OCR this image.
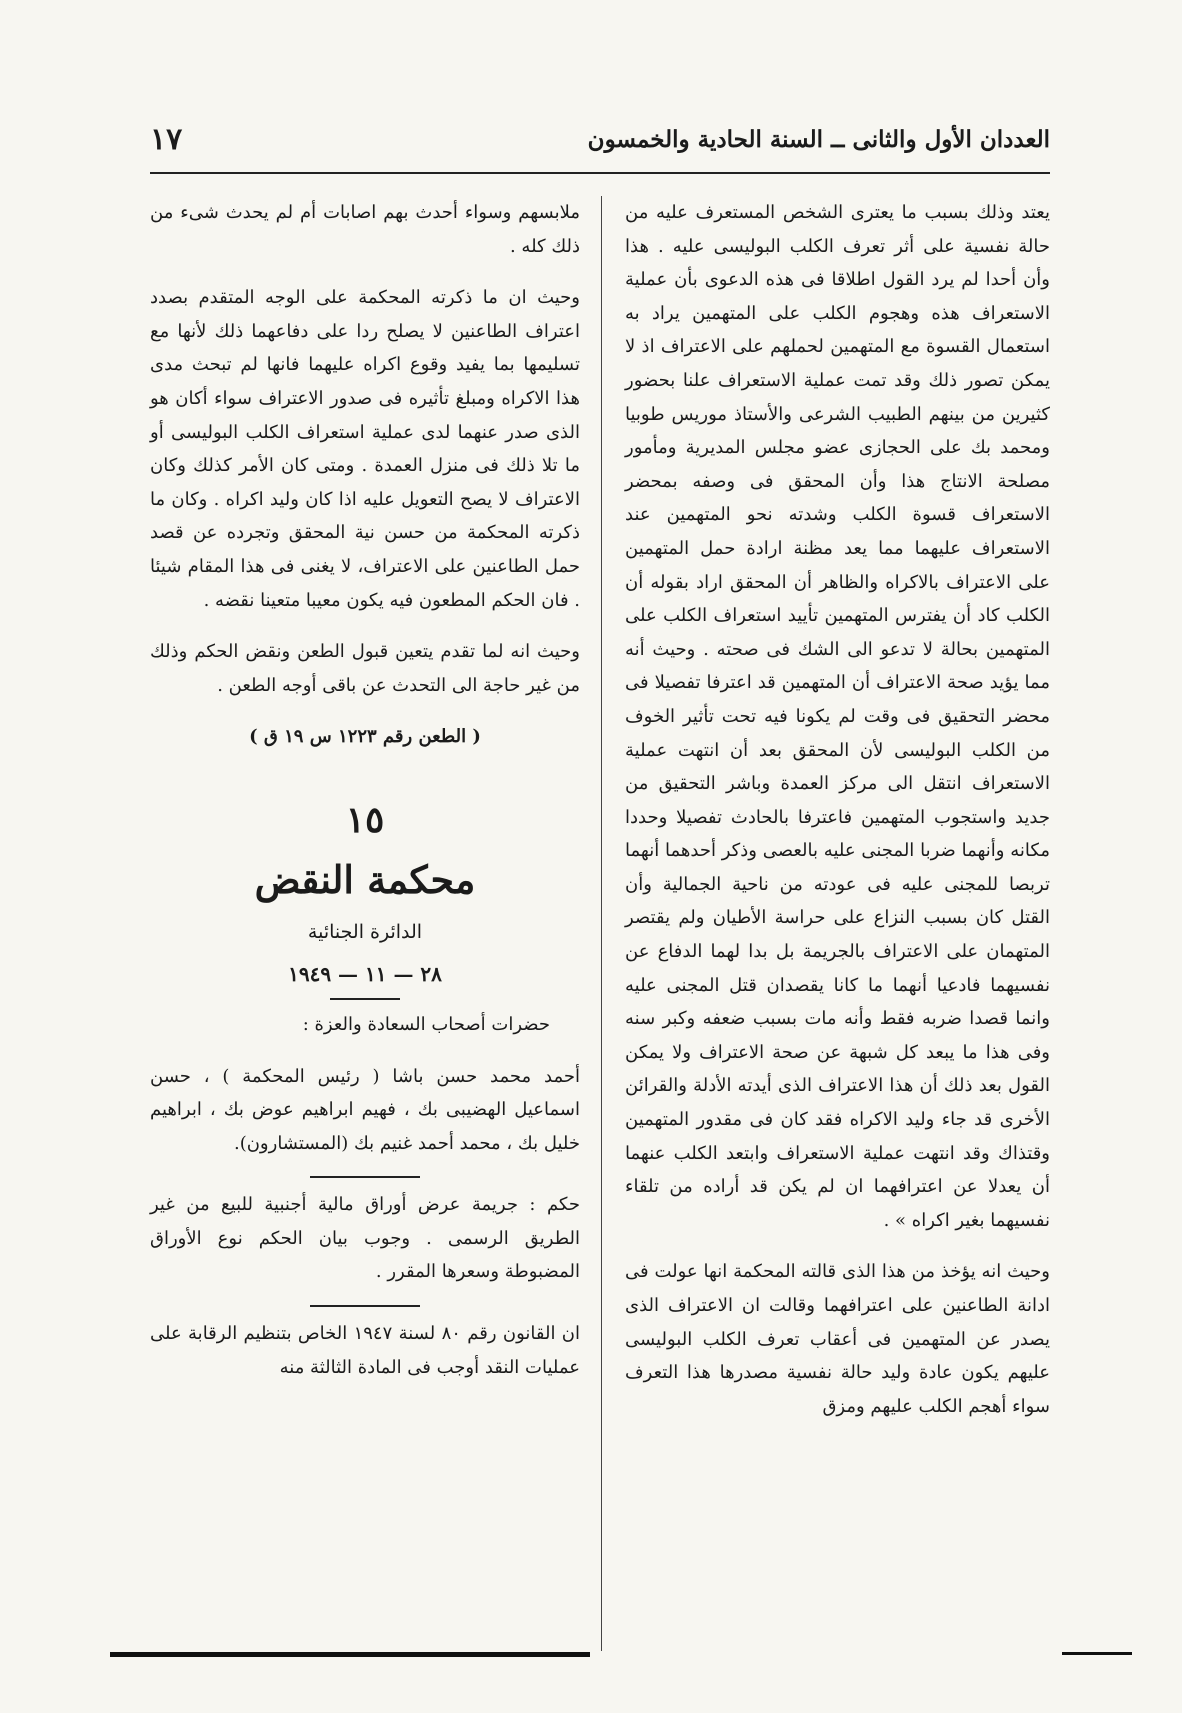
العددان الأول والثانى ــ السنة الحادية والخمسون
١٧

يعتد وذلك بسبب ما يعترى الشخص المستعرف عليه من حالة نفسية على أثر تعرف الكلب البوليسى عليه . هذا وأن أحدا لم يرد القول اطلاقا فى هذه الدعوى بأن عملية الاستعراف هذه وهجوم الكلب على المتهمين يراد به استعمال القسوة مع المتهمين لحملهم على الاعتراف اذ لا يمكن تصور ذلك وقد تمت عملية الاستعراف علنا بحضور كثيرين من بينهم الطبيب الشرعى والأستاذ موريس طوبيا ومحمد بك على الحجازى عضو مجلس المديرية ومأمور مصلحة الانتاج هذا وأن المحقق فى وصفه بمحضر الاستعراف قسوة الكلب وشدته نحو المتهمين عند الاستعراف عليهما مما يعد مظنة ارادة حمل المتهمين على الاعتراف بالاكراه والظاهر أن المحقق اراد بقوله أن الكلب كاد أن يفترس المتهمين تأييد استعراف الكلب على المتهمين بحالة لا تدعو الى الشك فى صحته . وحيث أنه مما يؤيد صحة الاعتراف أن المتهمين قد اعترفا تفصيلا فى محضر التحقيق فى وقت لم يكونا فيه تحت تأثير الخوف من الكلب البوليسى لأن المحقق بعد أن انتهت عملية الاستعراف انتقل الى مركز العمدة وباشر التحقيق من جديد واستجوب المتهمين فاعترفا بالحادث تفصيلا وحددا مكانه وأنهما ضربا المجنى عليه بالعصى وذكر أحدهما أنهما تربصا للمجنى عليه فى عودته من ناحية الجمالية وأن القتل كان بسبب النزاع على حراسة الأطيان ولم يقتصر المتهمان على الاعتراف بالجريمة بل بدا لهما الدفاع عن نفسيهما فادعيا أنهما ما كانا يقصدان قتل المجنى عليه وانما قصدا ضربه فقط وأنه مات بسبب ضعفه وكبر سنه وفى هذا ما يبعد كل شبهة عن صحة الاعتراف ولا يمكن القول بعد ذلك أن هذا الاعتراف الذى أيدته الأدلة والقرائن الأخرى قد جاء وليد الاكراه فقد كان فى مقدور المتهمين وقتذاك وقد انتهت عملية الاستعراف وابتعد الكلب عنهما أن يعدلا عن اعترافهما ان لم يكن قد أراده من تلقاء نفسيهما بغير اكراه » .

وحيث انه يؤخذ من هذا الذى قالته المحكمة انها عولت فى ادانة الطاعنين على اعترافهما وقالت ان الاعتراف الذى يصدر عن المتهمين فى أعقاب تعرف الكلب البوليسى عليهم يكون عادة وليد حالة نفسية مصدرها هذا التعرف سواء أهجم الكلب عليهم ومزق

ملابسهم وسواء أحدث بهم اصابات أم لم يحدث شىء من ذلك كله .

وحيث ان ما ذكرته المحكمة على الوجه المتقدم بصدد اعتراف الطاعنين لا يصلح ردا على دفاعهما ذلك لأنها مع تسليمها بما يفيد وقوع اكراه عليهما فانها لم تبحث مدى هذا الاكراه ومبلغ تأثيره فى صدور الاعتراف سواء أكان هو الذى صدر عنهما لدى عملية استعراف الكلب البوليسى أو ما تلا ذلك فى منزل العمدة . ومتى كان الأمر كذلك وكان الاعتراف لا يصح التعويل عليه اذا كان وليد اكراه . وكان ما ذكرته المحكمة من حسن نية المحقق وتجرده عن قصد حمل الطاعنين على الاعتراف، لا يغنى فى هذا المقام شيئا . فان الحكم المطعون فيه يكون معيبا متعينا نقضه .

وحيث انه لما تقدم يتعين قبول الطعن ونقض الحكم وذلك من غير حاجة الى التحدث عن باقى أوجه الطعن .

( الطعن رقم ١٢٢٣ س ١٩ ق )

١٥
محكمة النقض
الدائرة الجنائية
٢٨ — ١١ — ١٩٤٩

حضرات أصحاب السعادة والعزة :

أحمد محمد حسن باشا ( رئيس المحكمة ) ، حسن اسماعيل الهضيبى بك ، فهيم ابراهيم عوض بك ، ابراهيم خليل بك ، محمد أحمد غنيم بك (المستشارون).

حكم : جريمة عرض أوراق مالية أجنبية للبيع من غير الطريق الرسمى . وجوب بيان الحكم نوع الأوراق المضبوطة وسعرها المقرر .

ان القانون رقم ٨٠ لسنة ١٩٤٧ الخاص بتنظيم الرقابة على عمليات النقد أوجب فى المادة الثالثة منه
